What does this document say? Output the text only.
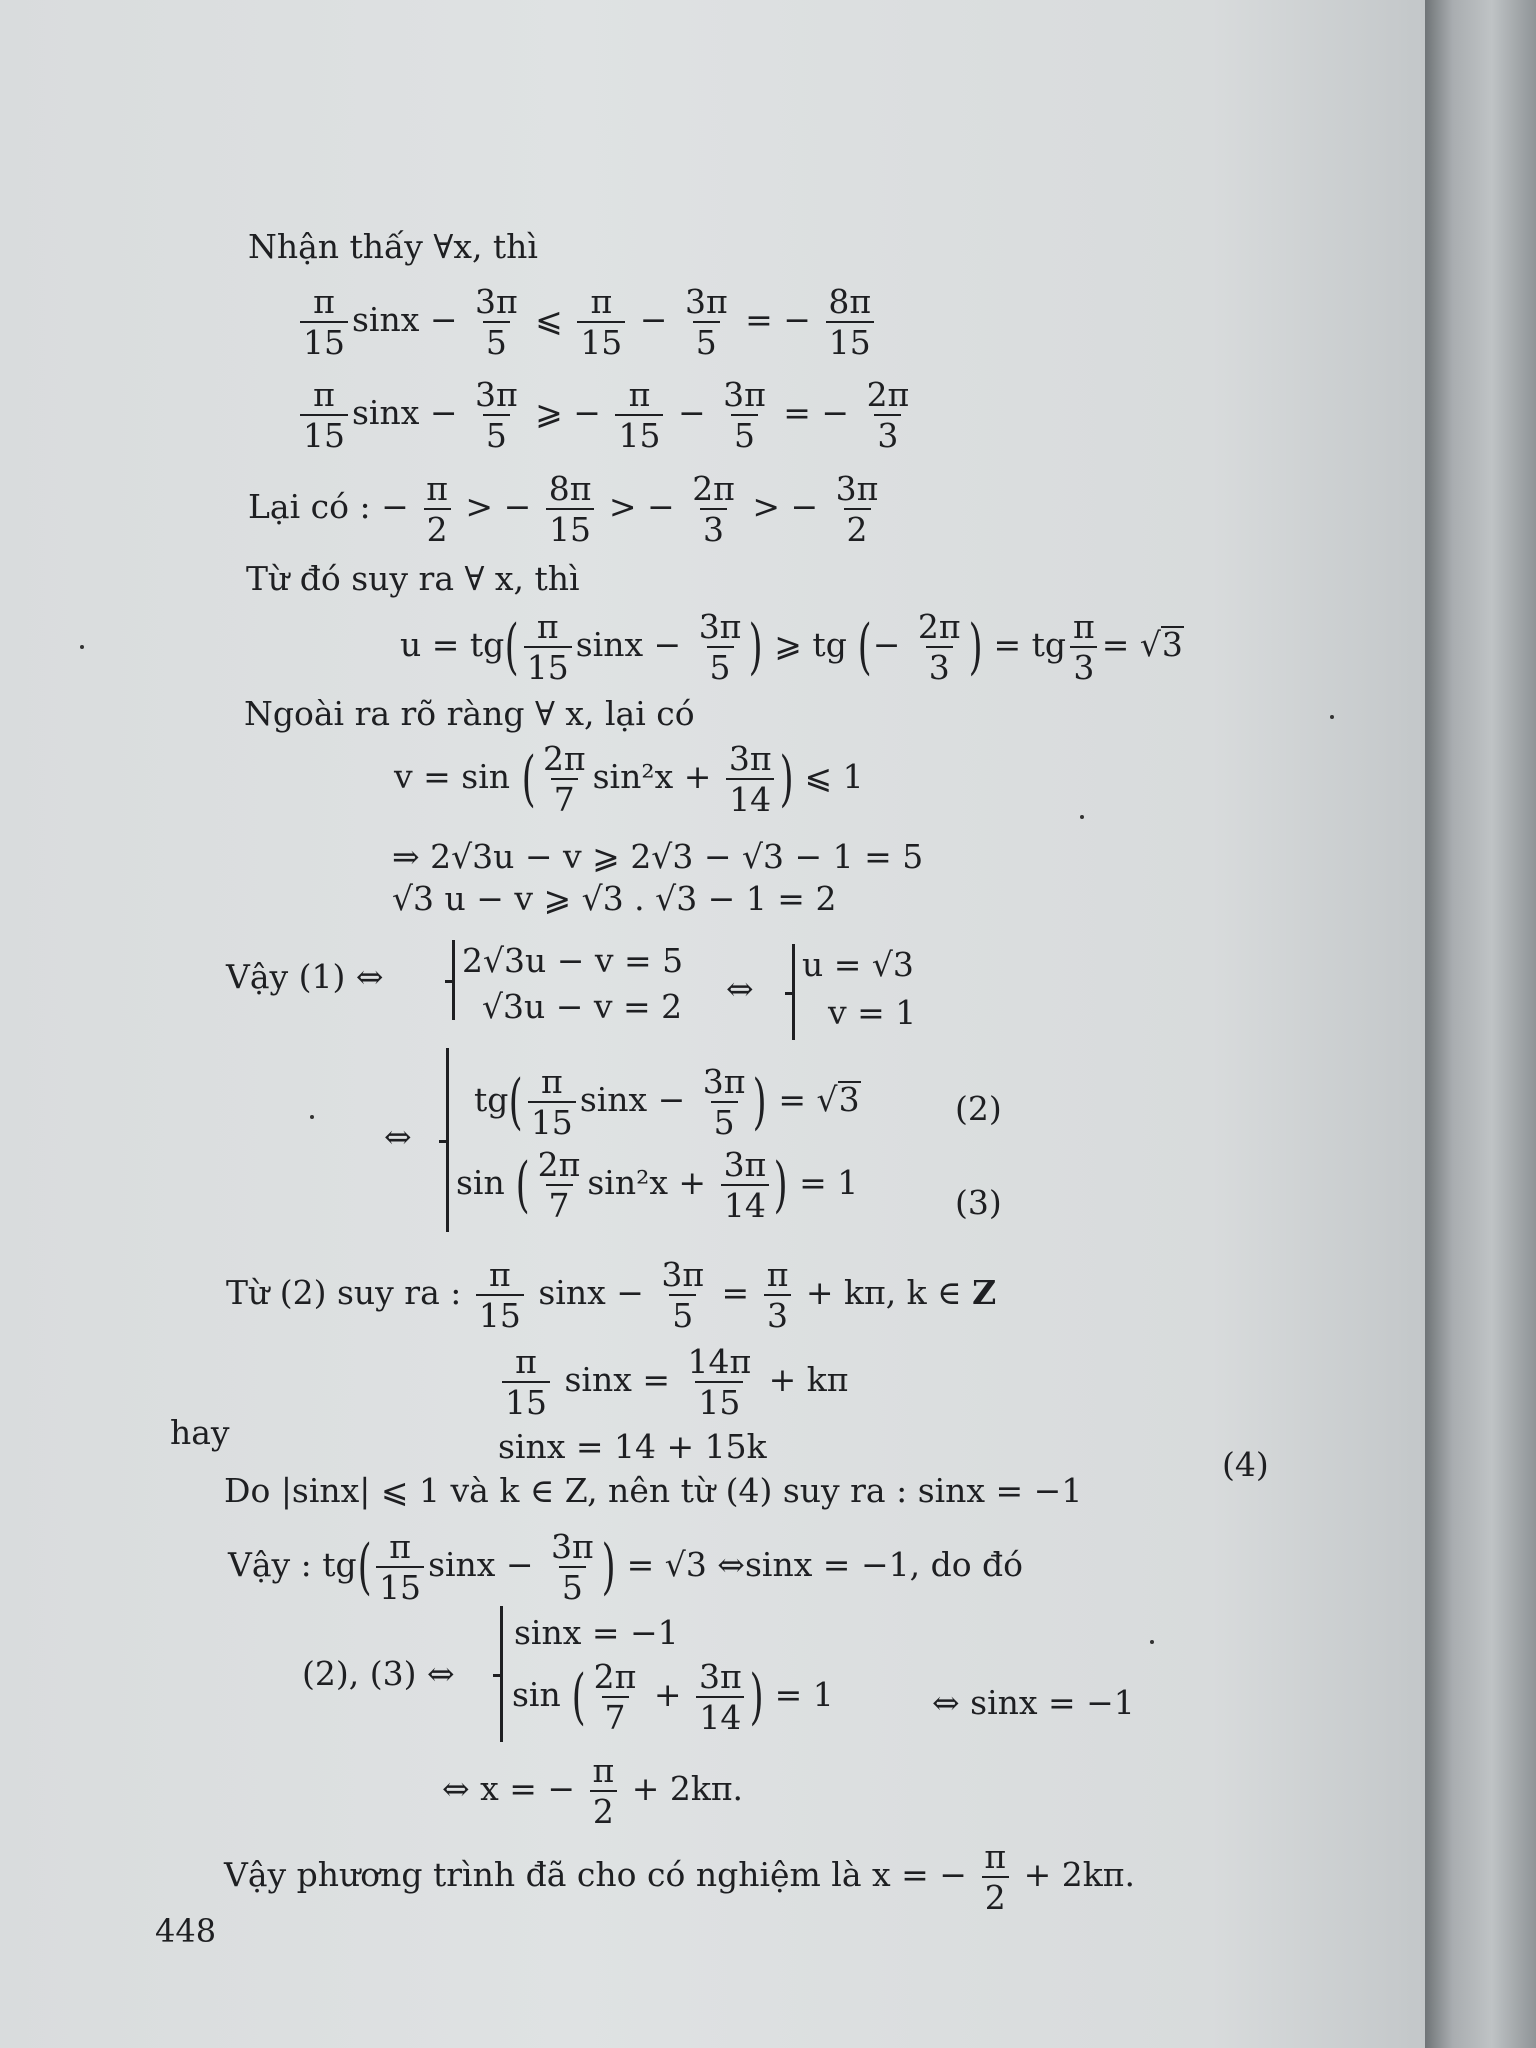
Nhận thấy ∀x, thì
$\frac{\pi}{15}$ $\sin x - \frac{3\pi}{5}$ ⩽ $\frac{\pi}{15} - \frac{3\pi}{5}$ = − $\frac{8\pi}{15}$
$\frac{\pi}{15}$ $\sin x - \frac{3\pi}{5}$ ⩾ − $\frac{\pi}{15} - \frac{3\pi}{5}$ = − $\frac{2\pi}{3}$
Lại có : − $\frac{\pi}{2}$ > − $\frac{8\pi}{15}$ > − $\frac{2\pi}{3}$ > − $\frac{3\pi}{2}$
Từ đó suy ra ∀ x, thì
$u = tg( \frac{\pi}{15}$ $\sin x - \frac{3\pi}{5}$ ) ⩾ tg (− $\frac{2\pi}{3}$ ) = tg $\frac{\pi}{3} = √3$
Ngoài ra rõ ràng ∀ x, lại có
v = sin ( $\frac{2\pi}{7} \sin^2x + \frac{3\pi}{14}$ ) ⩽ 1
⇒ 2√3u − v ⩾ 2√3 − √3 − 1 = 5
√3 u − v ⩾ √3 . √3 − 1 = 2
Vậy (1) ⇔ 2√3u − v = 5
√3u − v = 2 ⇔
u = √3
v = 1
⇔
$tg( \frac{\pi}{15}$ $\sin x - \frac{3\pi}{5}$ ) = √3	(2)
sin ( $\frac{2\pi}{7} \sin^2x + \frac{3\pi}{14}$ ) = 1
(3)
Từ (2) suy ra : $\frac{\pi}{15}$ $\sin x - \frac{3\pi}{5} = \frac{\pi}{3} + k\pi$, k ∈ Z
$\frac{\pi}{15}$ $\sin x = \frac{14\pi}{15} + k\pi$
hay	sinx = 14 + 15k	(4)
Do |sinx| ⩽ 1 và k ∈ Z, nên từ (4) suy ra : sinx = −1
Vậy : $tg( \frac{\pi}{15}$ $\sin x - \frac{3\pi}{5}$ ) = √3 ⇔sinx = −1, do đó
(2), (3) ⇔
sinx = −1
sin ( $\frac{2\pi}{7} + \frac{3\pi}{14}$ ) = 1	⇔ sinx = −1
⇔ x = − $\frac{\pi}{2} + 2k\pi$.
Vậy phương trình đã cho có nghiệm là x = − $\frac{\pi}{2} + 2k\pi$.
448
